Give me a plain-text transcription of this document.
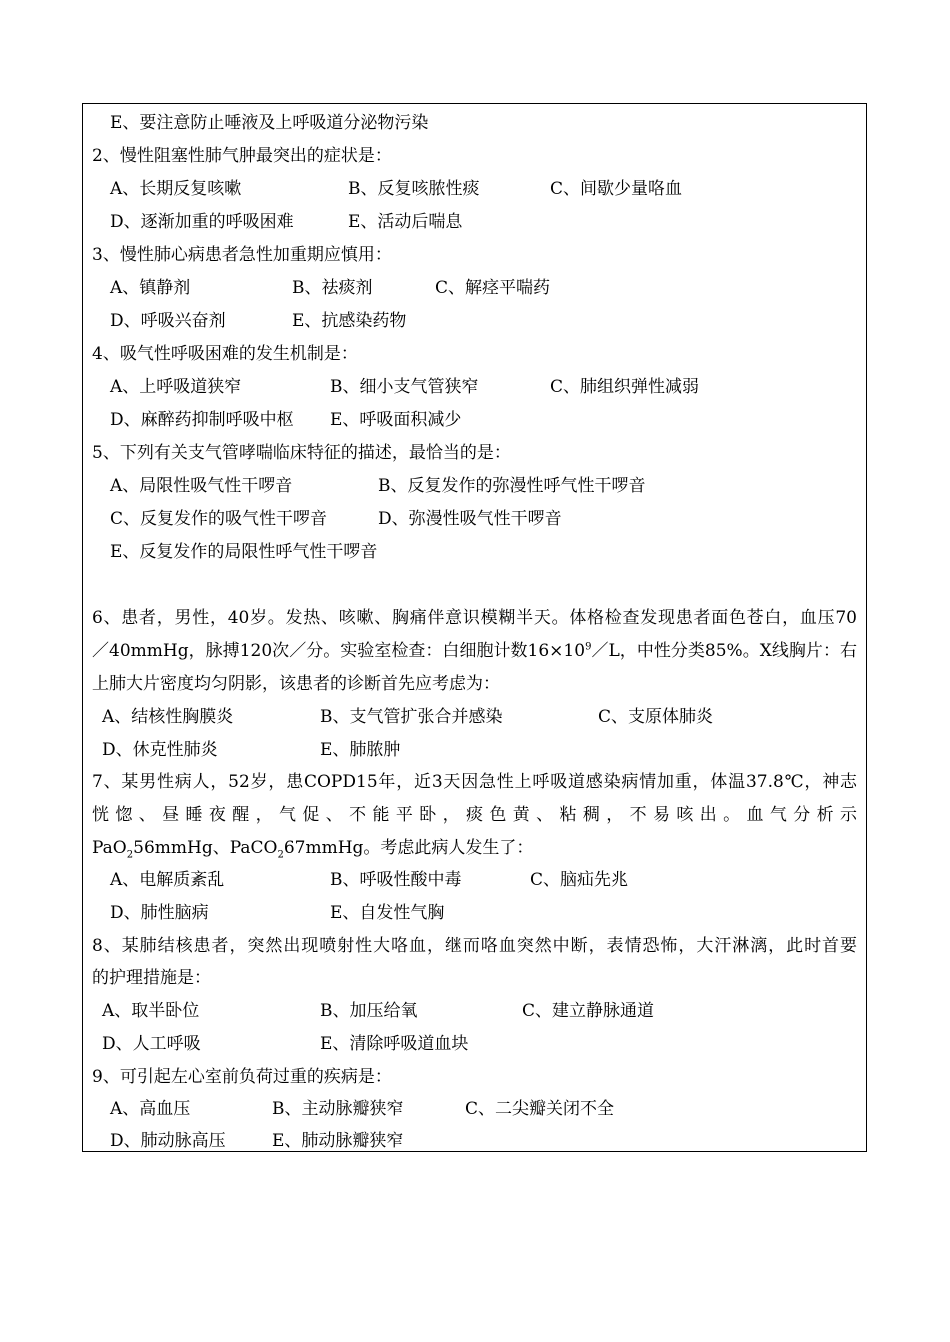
E、要注意防止唾液及上呼吸道分泌物污染
2、慢性阻塞性肺气肿最突出的症状是：
A、长期反复咳嗽	B、反复咳脓性痰	C、间歇少量咯血
D、逐渐加重的呼吸困难	E、活动后喘息
3、慢性肺心病患者急性加重期应慎用：
A、镇静剂	B、祛痰剂	C、解痉平喘药
D、呼吸兴奋剂	E、抗感染药物
4、吸气性呼吸困难的发生机制是：
A、上呼吸道狭窄	B、细小支气管狭窄	C、肺组织弹性减弱
D、麻醉药抑制呼吸中枢 E、呼吸面积减少
5、下列有关支气管哮喘临床特征的描述，最恰当的是：
A、局限性吸气性干啰音	B、反复发作的弥漫性呼气性干啰音
C、反复发作的吸气性干啰音	D、弥漫性吸气性干啰音
E、反复发作的局限性呼气性干啰音
6、患者，男性，40岁。发热、咳嗽、胸痛伴意识模糊半天。体格检查发现患者面色苍白，血压70
／40mmHg，脉搏120次／分。实验室检查：白细胞计数$16\times 10^9/L$，中性分类85%。X线胸片：右
上肺大片密度均匀阴影，该患者的诊断首先应考虑为：
A、结核性胸膜炎	B、支气管扩张合并感染	C、支原体肺炎
D、休克性肺炎	E、肺脓肿
7、某男性病人，52岁，患COPD15年，近3天因急性上呼吸道感染病情加重，体温37.8℃，神志
恍惚、昼睡夜醒，气促、不能平卧，痰色黄、粘稠，不易咳出。血气分析示
PaO$_2$56mmHg、PaCO$_2$67mmHg。考虑此病人发生了：
A、电解质紊乱	B、呼吸性酸中毒	C、脑疝先兆
D、肺性脑病	E、自发性气胸
8、某肺结核患者，突然出现喷射性大咯血，继而咯血突然中断，表情恐怖，大汗淋漓，此时首要
的护理措施是：
A、取半卧位	B、加压给氧	C、建立静脉通道
D、人工呼吸	E、清除呼吸道血块
9、可引起左心室前负荷过重的疾病是：
A、高血压	B、主动脉瓣狭窄	C、二尖瓣关闭不全
D、肺动脉高压	E、肺动脉瓣狭窄
